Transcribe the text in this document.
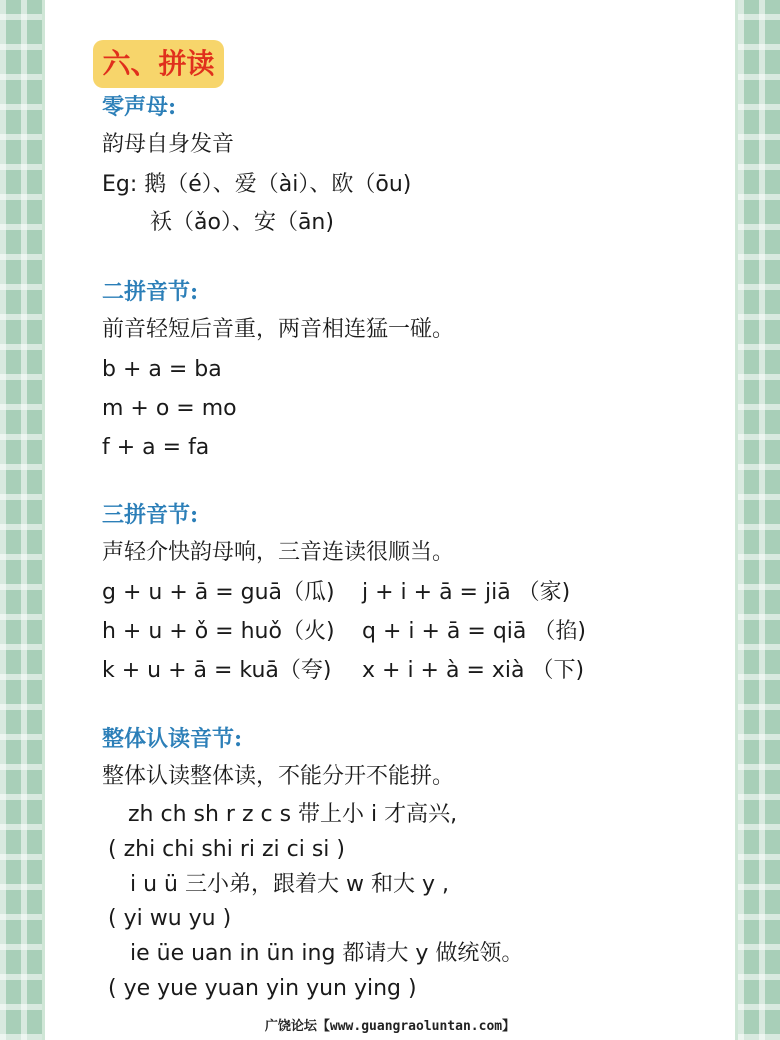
六、拼读
零声母:
韵母自身发音
Eg: 鹅（é）、爱（ài）、欧（ōu)
袄（ǎo）、安（ān)
二拼音节:
前音轻短后音重，两音相连猛一碰。
b + a = ba
m + o = mo
f + a = fa
三拼音节:
声轻介快韵母响，三音连读很顺当。
g + u + ā = guā（瓜) j + i + ā = jiā （家)
h + u + ǒ = huǒ（火) q + i + ā = qiā （掐)
k + u + ā = kuā（夸) x + i + à = xià （下)
整体认读音节:
整体认读整体读，不能分开不能拼。
zh ch sh r z c s 带上小 i 才高兴,
( zhi chi shi ri zi ci si )
i u ü 三小弟，跟着大 w 和大 y ,
( yi wu yu )
ie üe uan in ün ing 都请大 y 做统领。
( ye yue yuan yin yun ying )
广饶论坛【www.guangraoluntan.com】
